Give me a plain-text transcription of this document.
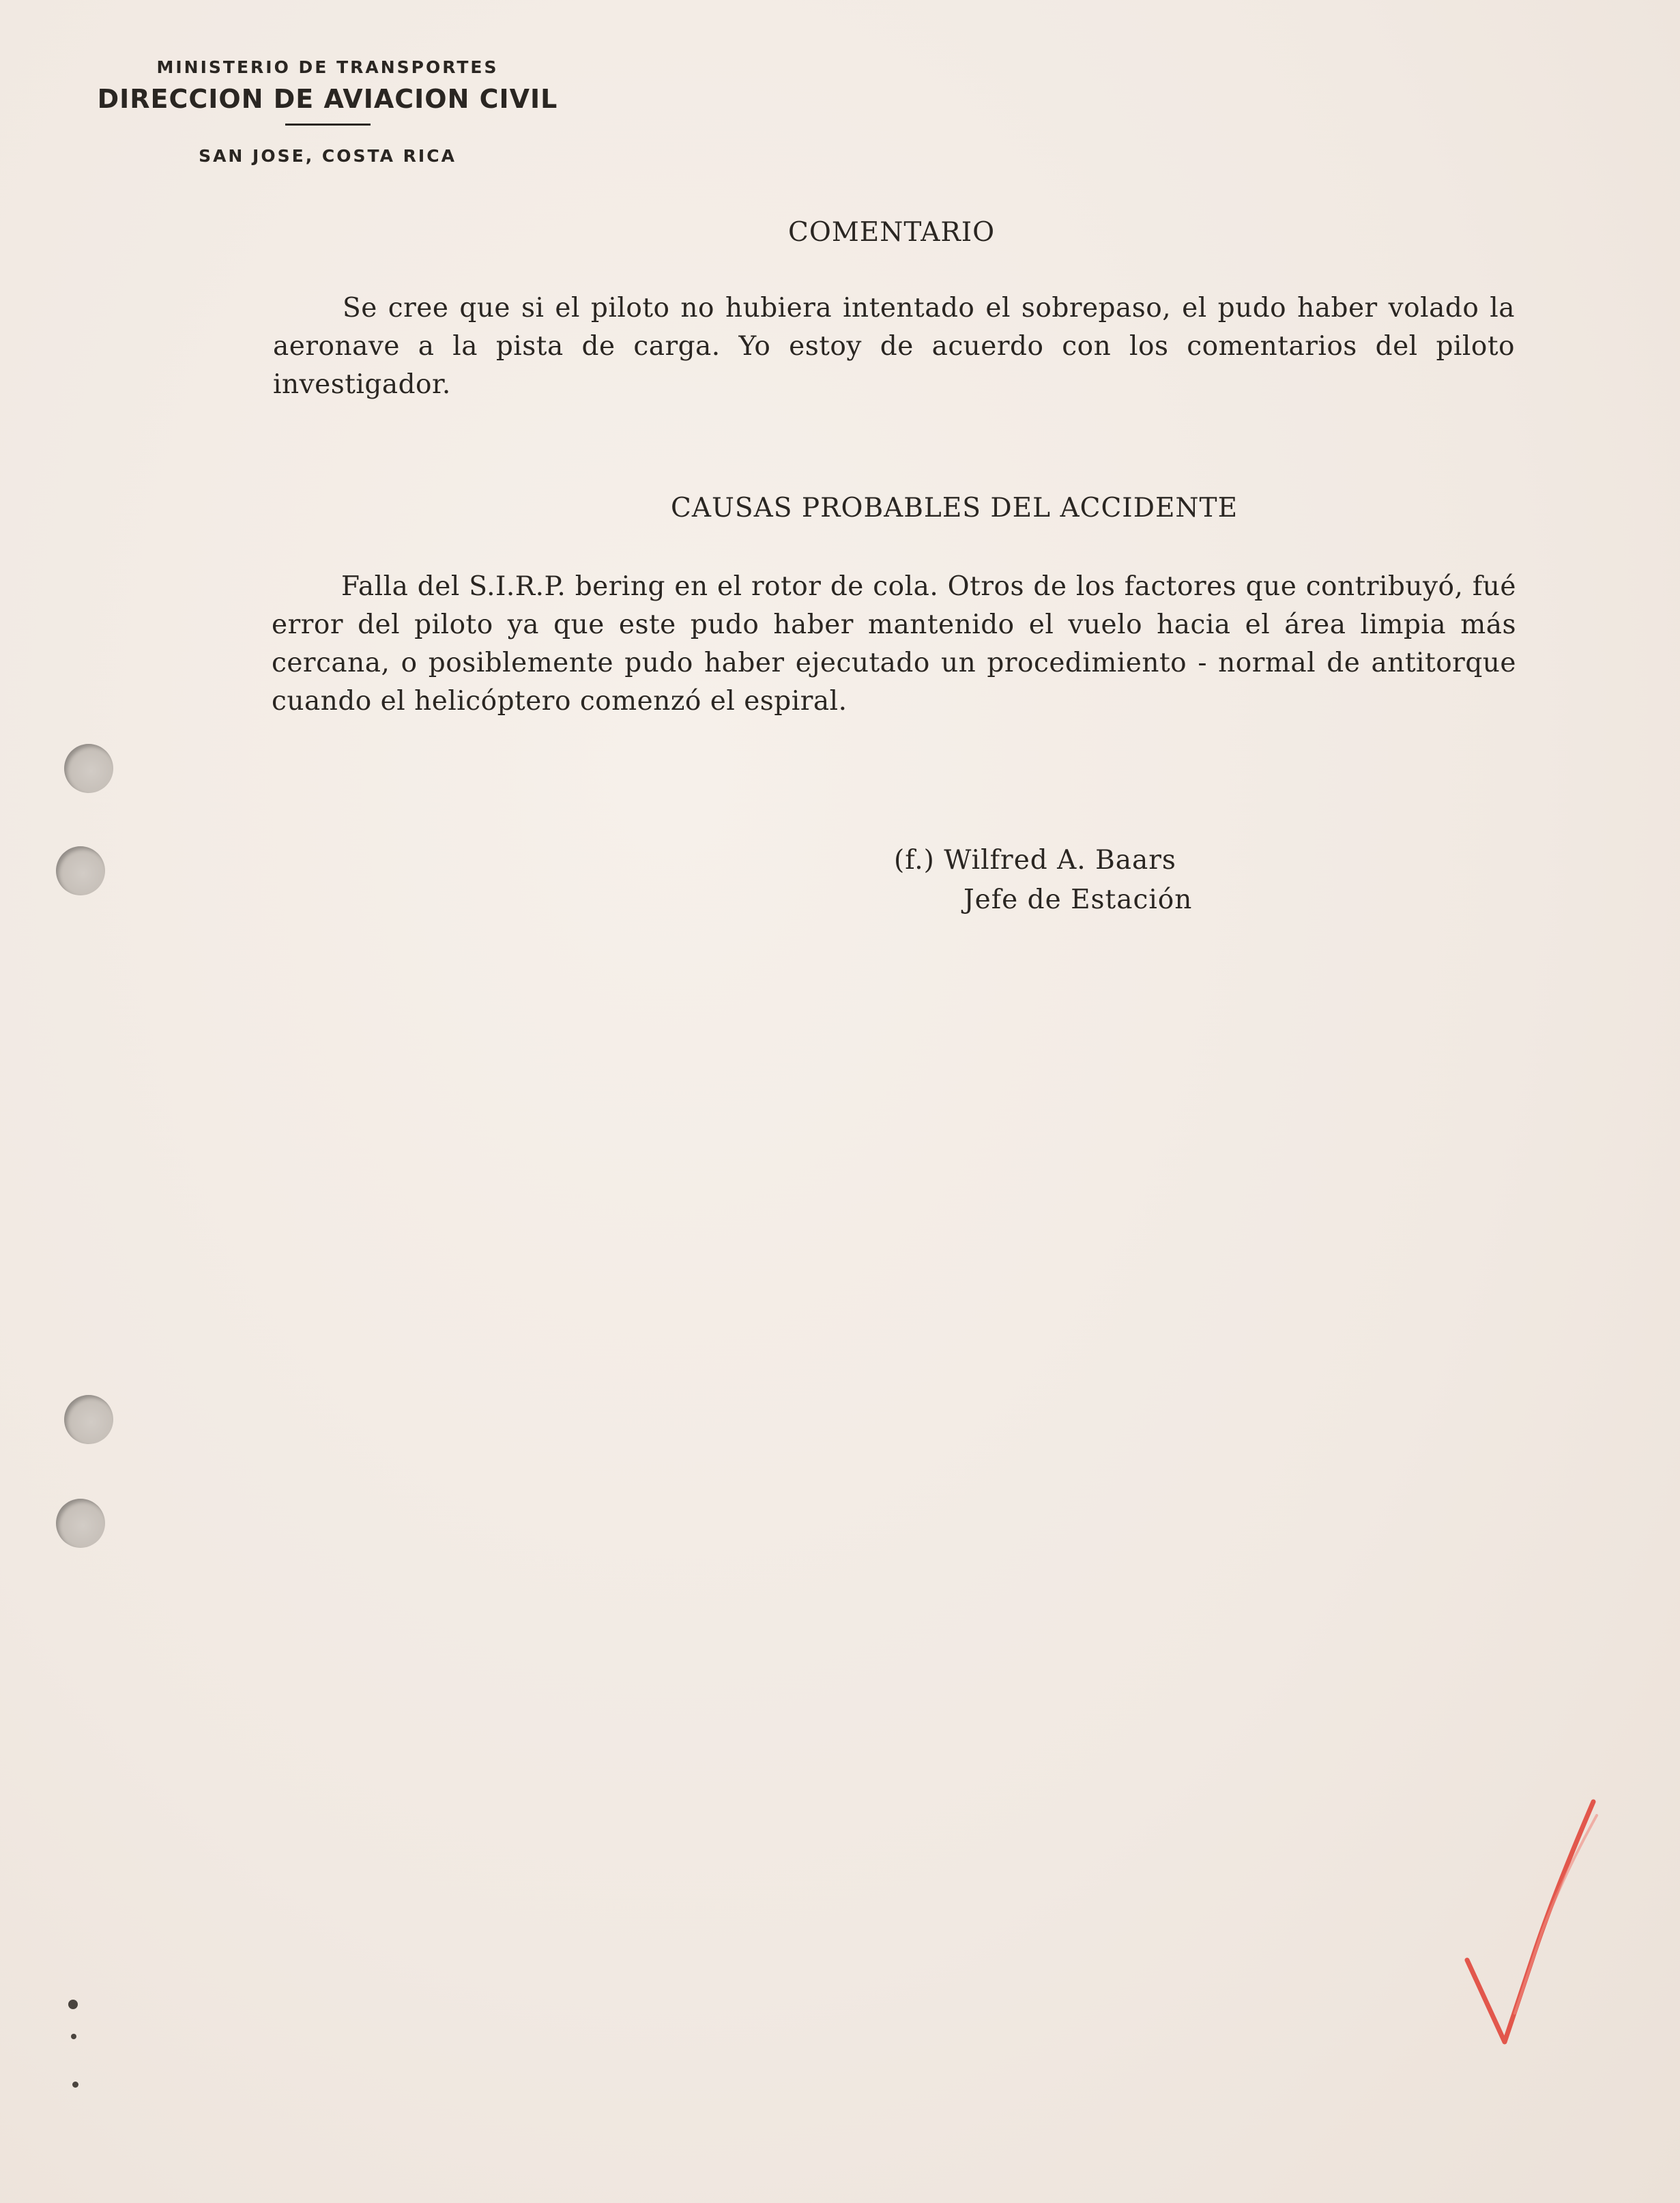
MINISTERIO DE TRANSPORTES
DIRECCION DE AVIACION CIVIL
SAN JOSE, COSTA RICA
COMENTARIO

Se cree que si el piloto no hubiera intentado el sobrepaso, el pudo haber volado la aeronave a la pista de carga. Yo estoy de acuerdo con los comentarios del piloto investigador.

CAUSAS PROBABLES DEL ACCIDENTE

Falla del S.I.R.P. bering en el rotor de cola. Otros de los factores que contribuyó, fué error del piloto ya que este pudo haber mantenido el vuelo hacia el área limpia más cercana, o posiblemente pudo haber ejecutado un procedimiento - normal de antitorque cuando el helicóptero comenzó el espiral.

(f.) Wilfred A. Baars
Jefe de Estación
